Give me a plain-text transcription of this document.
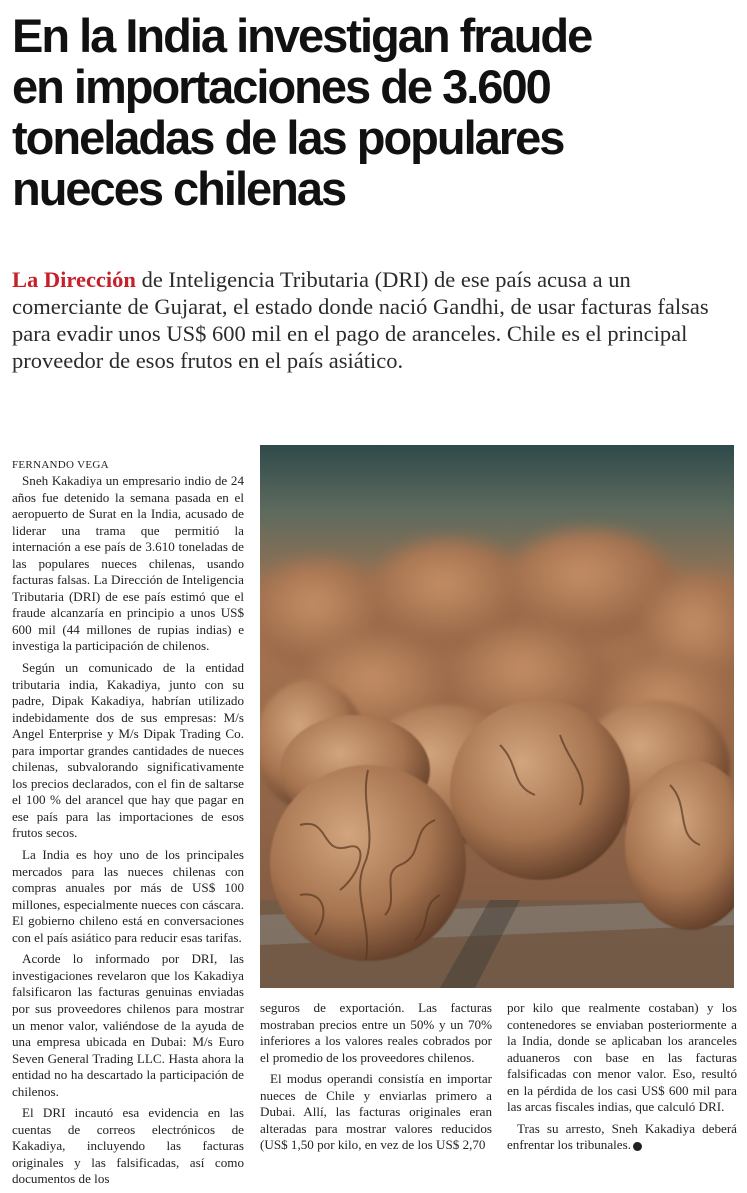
En la India investigan fraude
en importaciones de 3.600
toneladas de las populares
nueces chilenas

La Dirección de Inteligencia Tributaria (DRI) de ese país acusa a un comerciante de Gujarat, el estado donde nació Gandhi, de usar facturas falsas para evadir unos US$ 600 mil en el pago de aranceles. Chile es el principal proveedor de esos frutos en el país asiático.

FERNANDO VEGA

Sneh Kakadiya un empresario indio de 24 años fue detenido la semana pasada en el aeropuerto de Surat en la India, acusado de liderar una trama que permitió la internación a ese país de 3.610 toneladas de las populares nueces chilenas, usando facturas falsas. La Dirección de Inteligencia Tributaria (DRI) de ese país estimó que el fraude alcanzaría en principio a unos US$ 600 mil (44 millones de rupias indias) e investiga la participación de chilenos.

Según un comunicado de la entidad tributaria india, Kakadiya, junto con su padre, Dipak Kakadiya, habrían utilizado indebidamente dos de sus empresas: M/s Angel Enterprise y M/s Dipak Trading Co. para importar grandes cantidades de nueces chilenas, subvalorando significativamente los precios declarados, con el fin de saltarse el 100 % del arancel que hay que pagar en ese país para las importaciones de esos frutos secos.

La India es hoy uno de los principales mercados para las nueces chilenas con compras anuales por más de US$ 100 millones, especialmente nueces con cáscara. El gobierno chileno está en conversaciones con el país asiático para reducir esas tarifas.

Acorde lo informado por DRI, las investigaciones revelaron que los Kakadiya falsificaron las facturas genuinas enviadas por sus proveedores chilenos para mostrar un menor valor, valiéndose de la ayuda de una empresa ubicada en Dubai: M/s Euro Seven General Trading LLC. Hasta ahora la entidad no ha descartado la participación de chilenos.

El DRI incautó esa evidencia en las cuentas de correos electrónicos de Kakadiya, incluyendo las facturas originales y las falsificadas, así como documentos de los

seguros de exportación. Las facturas mostraban precios entre un 50% y un 70% inferiores a los valores reales cobrados por el promedio de los proveedores chilenos.

El modus operandi consistía en importar nueces de Chile y enviarlas primero a Dubai. Allí, las facturas originales eran alteradas para mostrar valores reducidos (US$ 1,50 por kilo, en vez de los US$ 2,70

por kilo que realmente costaban) y los contenedores se enviaban posteriormente a la India, donde se aplicaban los aranceles aduaneros con base en las facturas falsificadas con menor valor. Eso, resultó en la pérdida de los casi US$ 600 mil para las arcas fiscales indias, que calculó DRI.

Tras su arresto, Sneh Kakadiya deberá enfrentar los tribunales. ●
